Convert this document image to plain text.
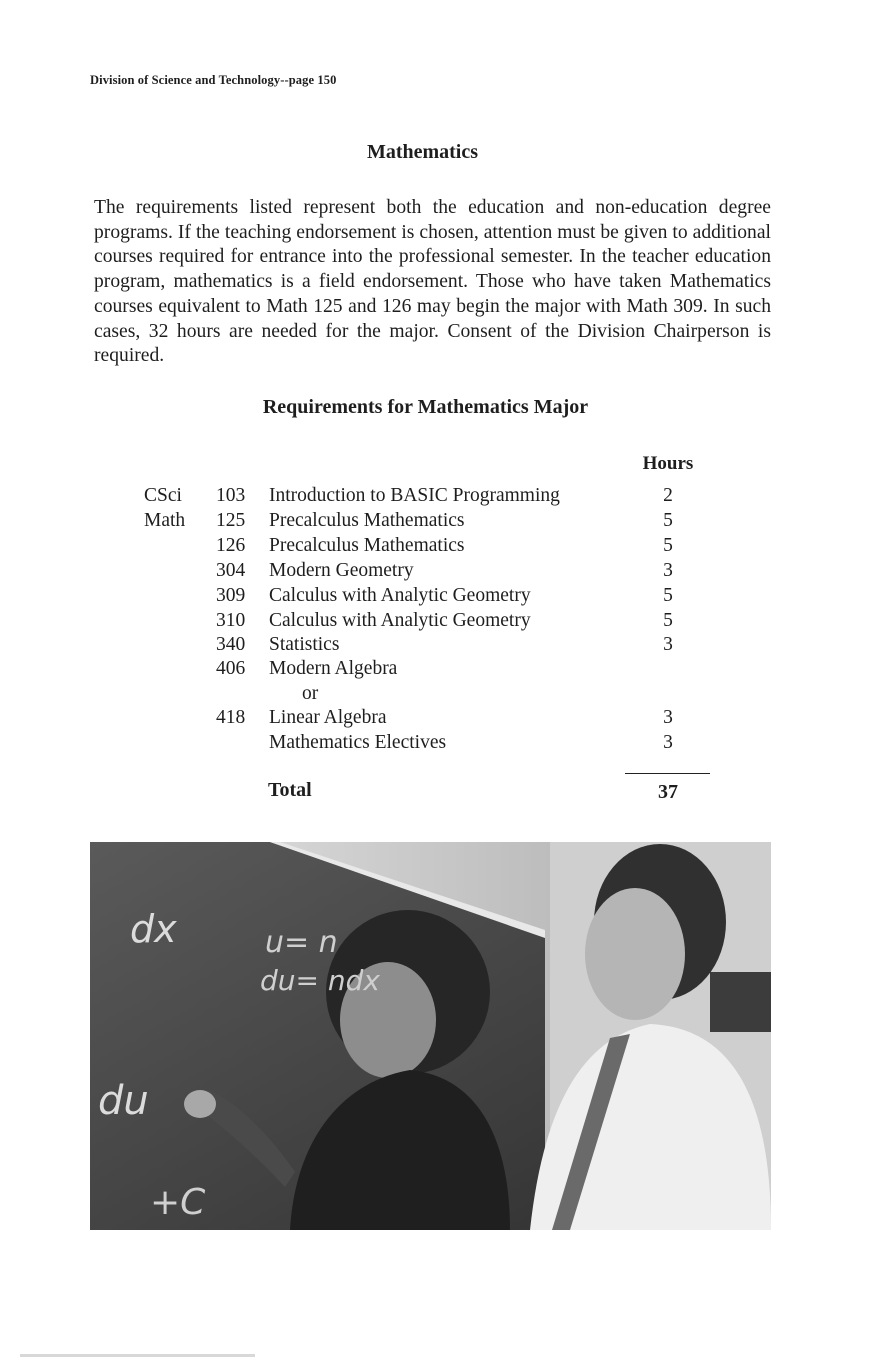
Division of Science and Technology--page 150
Mathematics

The requirements listed represent both the education and non-education degree programs. If the teaching endorsement is chosen, attention must be given to additional courses required for entrance into the professional semester. In the teacher education program, mathematics is a field endorsement. Those who have taken Mathematics courses equivalent to Math 125 and 126 may begin the major with Math 309. In such cases, 32 hours are needed for the major. Consent of the Division Chairperson is required.

Requirements for Mathematics Major
Hours
CSci 103 Introduction to BASIC Programming	2
Math 125 Precalculus Mathematics	5
126 Precalculus Mathematics	5
304 Modern Geometry	3
309 Calculus with Analytic Geometry	5
310 Calculus with Analytic Geometry	5
340 Statistics	3
406 Modern Algebra
or
418 Linear Algebra	3
Mathematics Electives	3
Total	37
dx	u= n
du= ndx
du
+C
